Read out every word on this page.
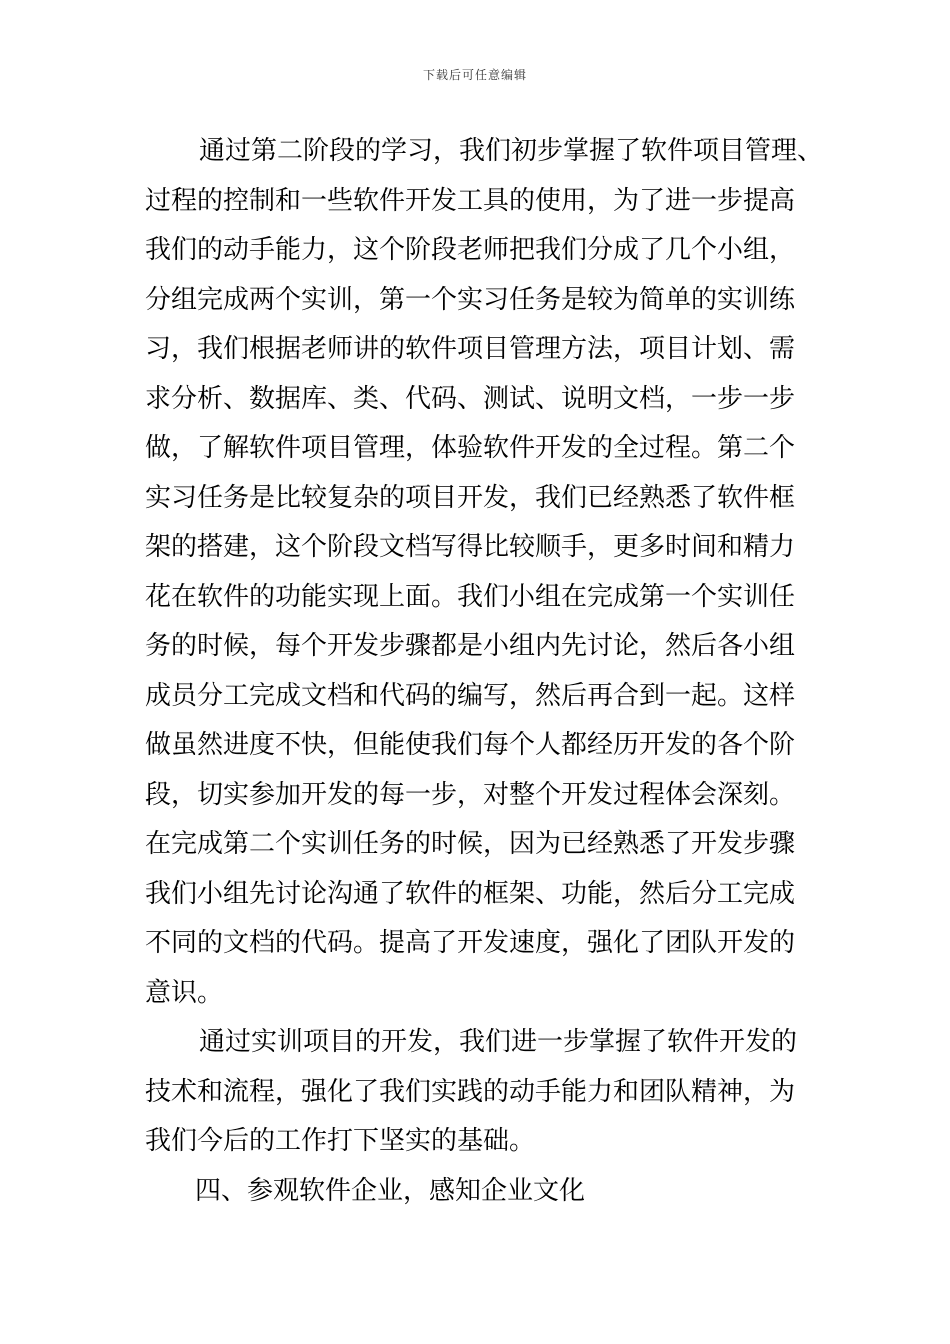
下载后可任意编辑

通过第二阶段的学习，我们初步掌握了软件项目管理、

过程的控制和一些软件开发工具的使用，为了进一步提高

我们的动手能力，这个阶段老师把我们分成了几个小组，

分组完成两个实训，第一个实习任务是较为简单的实训练

习，我们根据老师讲的软件项目管理方法，项目计划、需

求分析、数据库、类、代码、测试、说明文档，一步一步

做，了解软件项目管理，体验软件开发的全过程。第二个

实习任务是比较复杂的项目开发，我们已经熟悉了软件框

架的搭建，这个阶段文档写得比较顺手，更多时间和精力

花在软件的功能实现上面。我们小组在完成第一个实训任

务的时候，每个开发步骤都是小组内先讨论，然后各小组

成员分工完成文档和代码的编写，然后再合到一起。这样

做虽然进度不快，但能使我们每个人都经历开发的各个阶

段，切实参加开发的每一步，对整个开发过程体会深刻。

在完成第二个实训任务的时候，因为已经熟悉了开发步骤

我们小组先讨论沟通了软件的框架、功能，然后分工完成

不同的文档的代码。提高了开发速度，强化了团队开发的

意识。

通过实训项目的开发，我们进一步掌握了软件开发的

技术和流程，强化了我们实践的动手能力和团队精神，为

我们今后的工作打下坚实的基础。

四、参观软件企业，感知企业文化
